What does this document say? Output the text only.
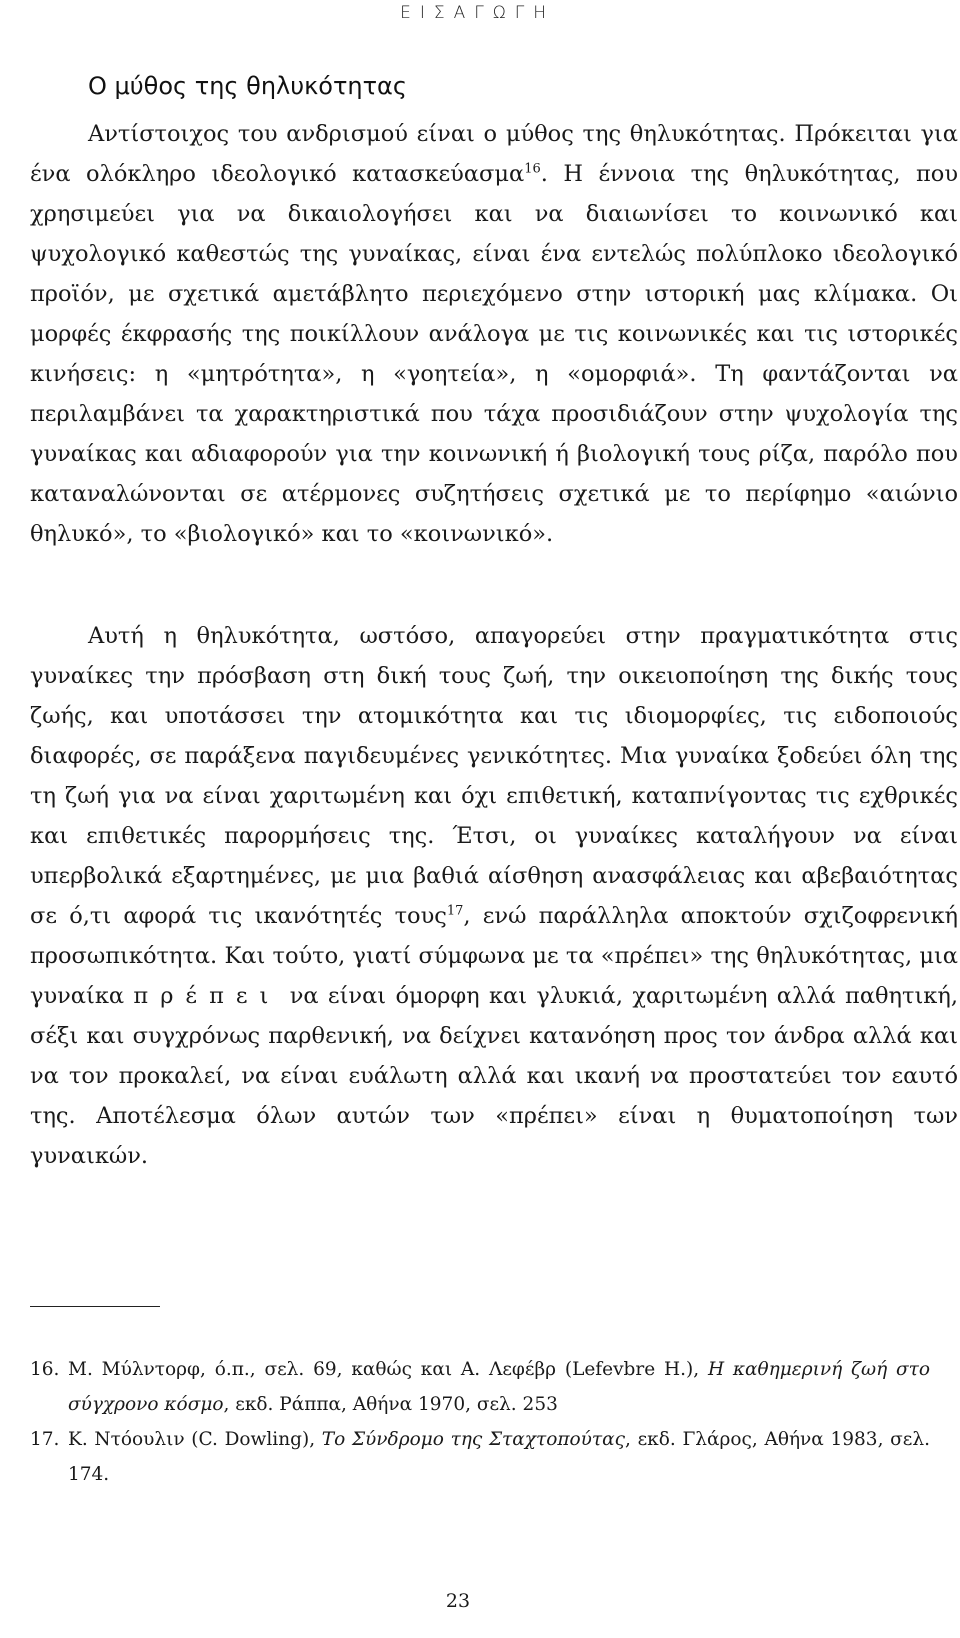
ΕΙΣΑΓΩΓΗ
Ο μύθος της θηλυκότητας

Αντίστοιχος του ανδρισμού είναι ο μύθος της θηλυκότητας. Πρόκειται για ένα ολόκληρο ιδεολογικό κατασκεύασμα$^{16}$. Η έννοια της θηλυκότητας, που χρησιμεύει για να δικαιολογήσει και να διαιωνίσει το κοινωνικό και ψυχολογικό καθεστώς της γυναίκας, είναι ένα εντελώς πολύπλοκο ιδεολογικό προϊόν, με σχετικά αμετάβλητο περιεχόμενο στην ιστορική μας κλίμακα. Οι μορφές έκφρασής της ποικίλλουν ανάλογα με τις κοινωνικές και τις ιστορικές κινήσεις: η «μητρότητα», η «γοητεία», η «ομορφιά». Τη φαντάζονται να περιλαμβάνει τα χαρακτηριστικά που τάχα προσιδιάζουν στην ψυχολογία της γυναίκας και αδιαφορούν για την κοινωνική ή βιολογική τους ρίζα, παρόλο που καταναλώνονται σε ατέρμονες συζητήσεις σχετικά με το περίφημο «αιώνιο θηλυκό», το «βιολογικό» και το «κοινωνικό».

Αυτή η θηλυκότητα, ωστόσο, απαγορεύει στην πραγματικότητα στις γυναίκες την πρόσβαση στη δική τους ζωή, την οικειοποίηση της δικής τους ζωής, και υποτάσσει την ατομικότητα και τις ιδιομορφίες, τις ειδοποιούς διαφορές, σε παράξενα παγιδευμένες γενικότητες. Μια γυναίκα ξοδεύει όλη της τη ζωή για να είναι χαριτωμένη και όχι επιθετική, καταπνίγοντας τις εχθρικές και επιθετικές παρορμήσεις της. Έτσι, οι γυναίκες καταλήγουν να είναι υπερβολικά εξαρτημένες, με μια βαθιά αίσθηση ανασφάλειας και αβεβαιότητας σε ό,τι αφορά τις ικανότητές τους$^{17}$, ενώ παράλληλα αποκτούν σχιζοφρενική προσωπικότητα. Και τούτο, γιατί σύμφωνα με τα «πρέπει» της θηλυκότητας, μια γυναίκα πρέπει να είναι όμορφη και γλυκιά, χαριτωμένη αλλά παθητική, σέξι και συγχρόνως παρθενική, να δείχνει κατανόηση προς τον άνδρα αλλά και να τον προκαλεί, να είναι ευάλωτη αλλά και ικανή να προστατεύει τον εαυτό της. Αποτέλεσμα όλων αυτών των «πρέπει» είναι η θυματοποίηση των γυναικών.

16. Μ. Μύλντορφ, ό.π., σελ. 69, καθώς και Α. Λεφέβρ (Lefevbre H.), Η καθημερινή ζωή στο σύγχρονο κόσμο, εκδ. Ράππα, Αθήνα 1970, σελ. 253

17. Κ. Ντόουλιν (C. Dowling), Το Σύνδρομο της Σταχτοπούτας, εκδ. Γλάρος, Αθήνα 1983, σελ. 174.

23
